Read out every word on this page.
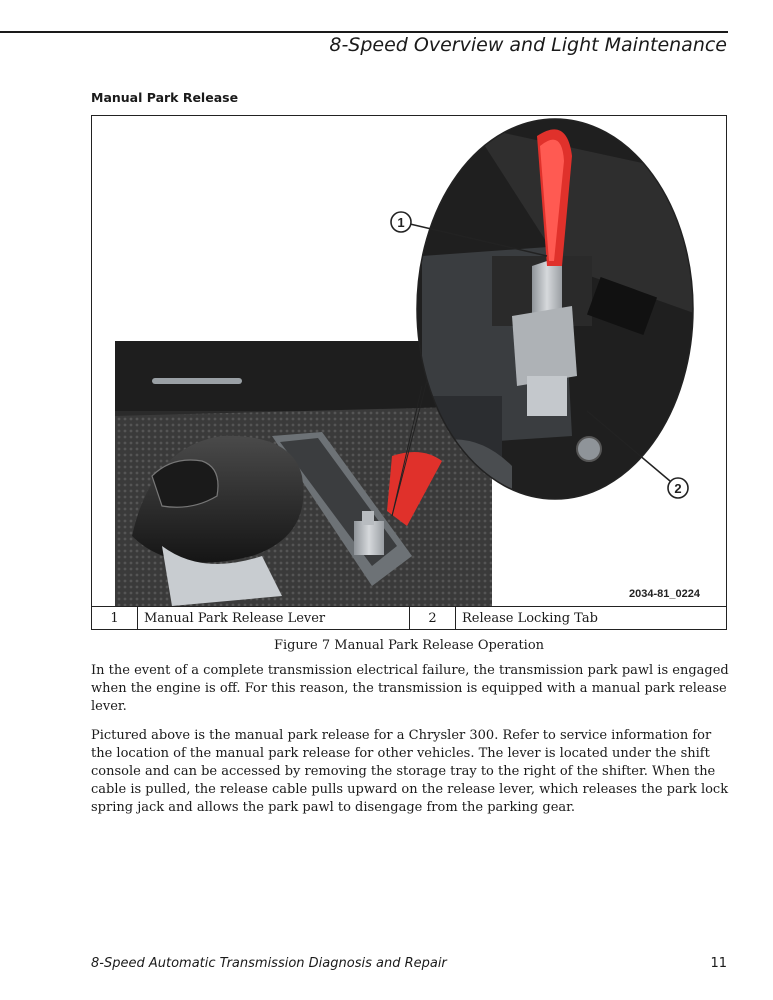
8-Speed Overview and Light Maintenance
Manual Park Release
1
2
2034-81_0224
1	Manual Park Release Lever	2	Release Locking Tab
Figure 7 Manual Park Release Operation

In the event of a complete transmission electrical failure, the transmission park pawl is engaged when the engine is off. For this reason, the transmission is equipped with a manual park release lever.

Pictured above is the manual park release for a Chrysler 300. Refer to service information for the location of the manual park release for other vehicles. The lever is located under the shift console and can be accessed by removing the storage tray to the right of the shifter. When the cable is pulled, the release cable pulls upward on the release lever, which releases the park lock spring jack and allows the park pawl to disengage from the parking gear.

8-Speed Automatic Transmission Diagnosis and Repair	11
